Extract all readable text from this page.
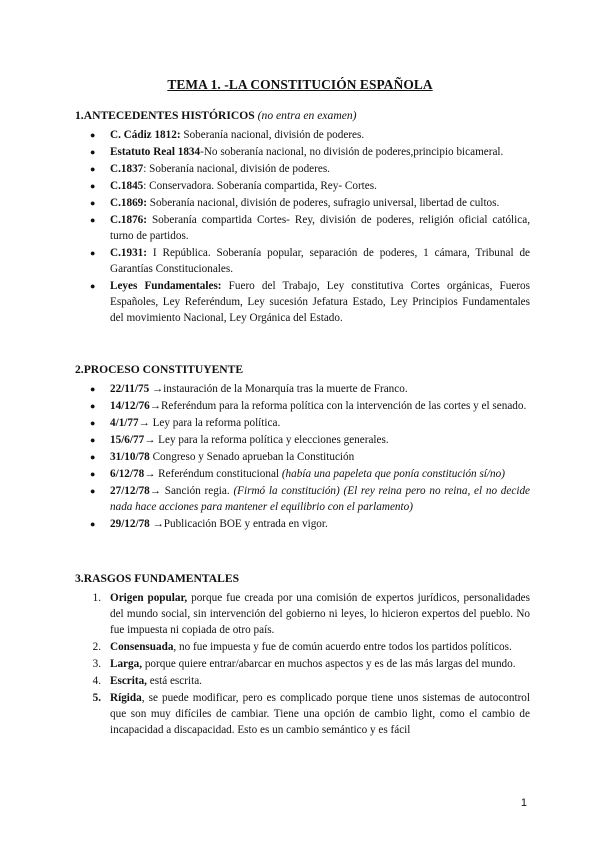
TEMA 1. -LA CONSTITUCIÓN ESPAÑOLA
1.ANTECEDENTES HISTÓRICOS (no entra en examen)
● C. Cádiz 1812: Soberanía nacional, división de poderes.
● Estatuto Real 1834-No soberanía nacional, no división de poderes,principio bicameral.
● C.1837: Soberanía nacional, división de poderes.
● C.1845: Conservadora. Soberanía compartida, Rey- Cortes.
● C.1869: Soberanía nacional, división de poderes, sufragio universal, libertad de cultos.
● C.1876: Soberanía compartida Cortes- Rey, división de poderes, religión oficial católica, turno de partidos.
● C.1931: I República. Soberanía popular, separación de poderes, 1 cámara, Tribunal de Garantías Constitucionales.
● Leyes Fundamentales: Fuero del Trabajo, Ley constitutiva Cortes orgánicas, Fueros Españoles, Ley Referéndum, Ley sucesión Jefatura Estado, Ley Principios Fundamentales del movimiento Nacional, Ley Orgánica del Estado.
2.PROCESO CONSTITUYENTE
● 22/11/75 →instauración de la Monarquía tras la muerte de Franco.
● 14/12/76→Referéndum para la reforma política con la intervención de las cortes y el senado.
● 4/1/77→ Ley para la reforma política.
● 15/6/77→ Ley para la reforma política y elecciones generales.
● 31/10/78 Congreso y Senado aprueban la Constitución
● 6/12/78→ Referéndum constitucional (había una papeleta que ponía constitución sí/no)
● 27/12/78→ Sanción regia. (Firmó la constitución) (El rey reina pero no reina, el no decide nada hace acciones para mantener el equilibrio con el parlamento)
● 29/12/78 →Publicación BOE y entrada en vigor.
3.RASGOS FUNDAMENTALES
1. Origen popular, porque fue creada por una comisión de expertos jurídicos, personalidades del mundo social, sin intervención del gobierno ni leyes, lo hicieron expertos del pueblo. No fue impuesta ni copiada de otro país.
2. Consensuada, no fue impuesta y fue de común acuerdo entre todos los partidos políticos.
3. Larga, porque quiere entrar/abarcar en muchos aspectos y es de las más largas del mundo.
4. Escrita, está escrita.
5. Rígida, se puede modificar, pero es complicado porque tiene unos sistemas de autocontrol que son muy difíciles de cambiar. Tiene una opción de cambio light, como el cambio de incapacidad a discapacidad. Esto es un cambio semántico y es fácil
1
